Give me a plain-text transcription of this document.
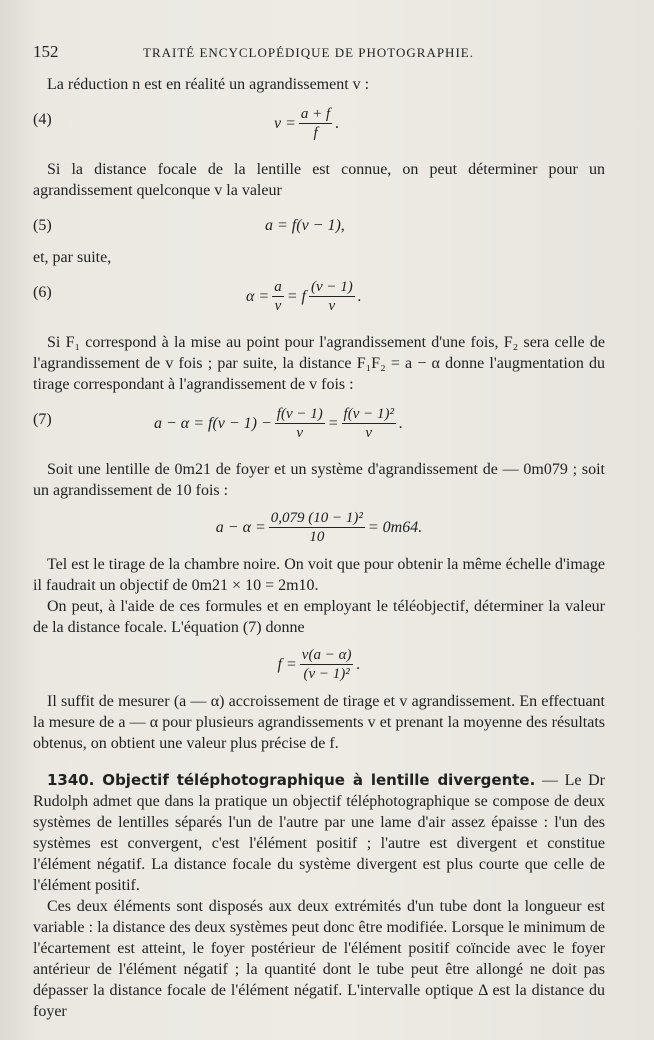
152	TRAITÉ ENCYCLOPÉDIQUE DE PHOTOGRAPHIE.

La réduction n est en réalité un agrandissement v :

(4)	$v = \frac{a + f}{f}$ .

Si la distance focale de la lentille est connue, on peut déterminer pour un agrandissement quelconque v la valeur

(5)	a = f(v − 1),

et, par suite,

(6)	$\alpha = \frac{a}{v} = f \frac{(v - 1)}{v}$ .

Si F₁ correspond à la mise au point pour l'agrandissement d'une fois, F₂ sera celle de l'agrandissement de v fois ; par suite, la distance F₁F₂ = a − α donne l'augmentation du tirage correspondant à l'agrandissement de v fois :

(7)	$a - \alpha = f(v - 1) - \frac{f(v - 1)}{v} = \frac{\text{f(v − 1)²}}{v}$ .

Soit une lentille de 0m21 de foyer et un système d'agrandissement de — 0m079 ; soit un agrandissement de 10 fois :

$a - \alpha = \frac{\text{0,079 (10 − 1)²}}{10} = 0m64$.

Tel est le tirage de la chambre noire. On voit que pour obtenir la même échelle d'image il faudrait un objectif de 0m21 × 10 = 2m10.

On peut, à l'aide de ces formules et en employant le téléobjectif, déterminer la valeur de la distance focale. L'équation (7) donne

$f = \frac{v(a - \alpha)}{\text{(v − 1)²}}$ .

Il suffit de mesurer (a — α) accroissement de tirage et v agrandissement. En effectuant la mesure de a — α pour plusieurs agrandissements v et prenant la moyenne des résultats obtenus, on obtient une valeur plus précise de f.

1340. Objectif téléphotographique à lentille divergente. — Le Dr Rudolph admet que dans la pratique un objectif téléphotographique se compose de deux systèmes de lentilles séparés l'un de l'autre par une lame d'air assez épaisse : l'un des systèmes est convergent, c'est l'élément positif ; l'autre est divergent et constitue l'élément négatif. La distance focale du système divergent est plus courte que celle de l'élément positif.

Ces deux éléments sont disposés aux deux extrémités d'un tube dont la longueur est variable : la distance des deux systèmes peut donc être modifiée. Lorsque le minimum de l'écartement est atteint, le foyer postérieur de l'élément positif coïncide avec le foyer antérieur de l'élément négatif ; la quantité dont le tube peut être allongé ne doit pas dépasser la distance focale de l'élément négatif. L'intervalle optique Δ est la distance du foyer
